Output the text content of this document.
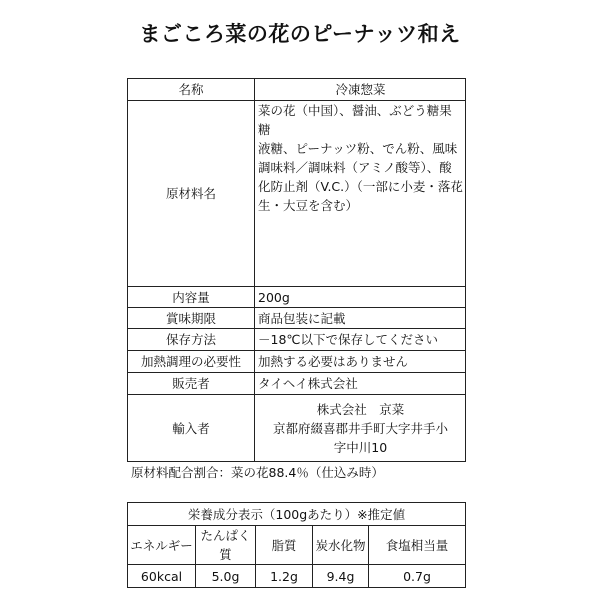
まごころ菜の花のピーナッツ和え
名称	冷凍惣菜
原材料名	菜の花（中国）、醤油、ぶどう糖果糖
液糖、ピーナッツ粉、でん粉、風味
調味料／調味料（アミノ酸等）、酸
化防止剤（V.C.）（一部に小麦・落花
生・大豆を含む）

内容量	200g
賞味期限	商品包装に記載
保存方法	－18℃以下で保存してください
加熱調理の必要性	加熱する必要はありません
販売者	タイヘイ株式会社
輸入者	株式会社　京菜
京都府綴喜郡井手町大字井手小
字中川10
原材料配合割合：菜の花88.4％（仕込み時）
栄養成分表示（100gあたり）※推定値				
エネルギー	たんぱく質	脂質	炭水化物	食塩相当量
60kcal	5.0g	1.2g	9.4g	0.7g
